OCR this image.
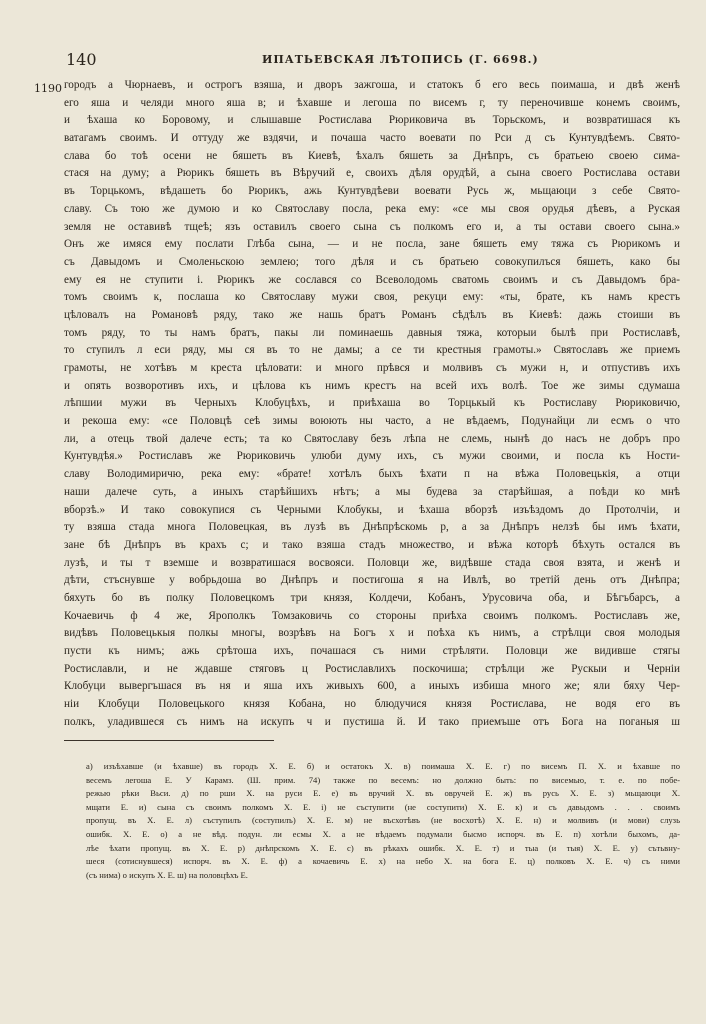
140	ИПАТЬЕВСКАЯ ЛѢТОПИСЬ (Г. 6698.)
1190 городъ а Чюрнаевъ, и острогъ взяша, и дворъ зажгоша, и статокъ б его весь поимаша, и двѣ женѣ
его яша и челяди много яша в; и ѣхавше и легоша по висемъ г, ту переночивше конемъ своимъ,
и ѣхаша ко Боровому, и слышавше Ростислава Рюриковича въ Торьскомъ, и возвратишася къ
ватагамъ своимъ. И оттуду же вздячи, и почаша часто воевати по Рси д съ Кунтувдѣемъ. Свято-
слава бо тоѣ осени не бяшеть въ Киевѣ, ѣхалъ бяшеть за Днѣпръ, съ братьею своею сима-
стася на думу; а Рюрикъ бяшеть въ Вѣручий е, своихъ дѣля орудѣй, а сына своего Ростислава остави
въ Торцькомъ, вѣдашеть бо Рюрикъ, ажь Кунтувдѣеви воевати Русь ж, мьщаюци з себе Свято-
славу. Съ тою же думою и ко Святославу посла, река ему: «се мы своя орудья дѣевъ, а Руская
земля не оставивѣ тщеѣ; язъ оставилъ своего сына съ полкомъ его и, а ты остави своего сына.»
Онъ же имяся ему послати Глѣба сына, — и не посла, зане бяшеть ему тяжа съ Рюрикомъ и
съ Давыдомъ и Смоленьскою землею; того дѣля и съ братьею совокупилъся бяшеть, како бы
ему ея не ступити і. Рюрикъ же сослався со Всеволодомь сватомь своимъ и съ Давыдомъ бра-
томъ своимъ к, послаша ко Святославу мужи своя, рекуци ему: «ты, брате, къ намъ крестъ
цѣловалъ на Романовѣ ряду, тако же нашь братъ Романъ сѣдѣлъ въ Киевѣ: дажь стоиши въ
томъ ряду, то ты намъ братъ, пакы ли поминаешь давныя тяжа, которыи былѣ при Ростиславѣ,
то ступилъ л еси ряду, мы ся въ то не дамы; а се ти крестныя грамоты.» Святославъ же приемъ
грамоты, не хотѣвъ м креста цѣловати: и много прѣвся и молвивъ съ мужи н, и отпустивъ ихъ
и опять возворотивъ ихъ, и цѣлова къ нимъ крестъ на всей ихъ волѣ. Тое же зимы сдумаша
лѣпшии мужи въ Черныхъ Клобуцѣхъ, и приѣхаша во Торцькый къ Ростиславу Рюриковичю,
и рекоша ему: «се Половцѣ сеѣ зимы воюють ны часто, а не вѣдаемъ, Подунайци ли есмъ о что
ли, а отець твой далече есть; та ко Святославу безъ лѣпа не слемь, нынѣ до насъ не добръ про
Кунтувдѣя.» Ростиславъ же Рюриковичь улюби думу ихъ, съ мужи своими, и посла къ Ности-
славу Володимиричю, река ему: «брате! хотѣлъ быхъ ѣхати п на вѣжа Половецькія, а отци
наши далече суть, а иныхъ старѣйшихъ нѣтъ; а мы будева за старѣйшая, а поѣди ко мнѣ
вборзѣ.» И тако совокупися съ Черными Клобукы, и ѣхаша вборзѣ изъѣздомъ до Протолчіи, и
ту взяша стада многа Половецкая, въ лузѣ въ Днѣпрѣскомь р, а за Днѣпръ нелзѣ бы имъ ѣхати,
зане бѣ Днѣпръ въ крахъ с; и тако взяша стадъ множество, и вѣжа которѣ бѣхуть остался въ
лузѣ, и ты т вземше и возвратишася восвояси. Половци же, видѣвше стада своя взята, и женѣ и
дѣти, стъснувше у вобрьдоша во Днѣпръ и постигоша я на Ивлѣ, во третій день отъ Днѣпра;
бяхуть бо въ полку Половецкомъ три князя, Колдечи, Кобанъ, Урусовича оба, и Бѣгъбарсъ, а
Кочаевичь ф 4 же, Ярополкъ Томзаковичь со стороны приѣха своимъ полкомъ. Ростиславъ же,
видѣвъ Половецькыя полкы многы, возрѣвъ на Богъ х и поѣха къ нимъ, а стрѣлци своя молодыя
пусти къ нимъ; ажь срѣтоша ихъ, почашася съ ними стрѣляти. Половци же видивше стягы
Ростиславли, и не ждавше стяговъ ц Ростиславлихъ поскочиша; стрѣлци же Рускыи и Черніи
Клобуци вывергъшася въ ня и яша ихъ живыхъ 600, а иныхъ избиша много же; яли бяху Чер-
ніи Клобуци Половецького князя Кобана, но блюдучися князя Ростислава, не водя его въ
полкъ, уладившеся съ нимъ на искупъ ч и пустиша й. И тако приемъше отъ Бога на поганыя ш
а) изъѣхавше (и ѣхавше) въ городъ Х. Е. б) и остатокъ Х. в) поимаша Х. Е. г) по висемъ П. Х. и ѣхавше по
весемъ легоша Е. У Карамз. (Ш. прим. 74) также по весемъ: но должно быть: по висемью, т. е. по побе-
режью рѣки Вьси. д) по рши Х. на руси Е. е) въ вручий Х. въ овручей Е. ж) въ русь Х. Е. з) мьщаюци Х.
мщати Е. и) сына съ своимъ полкомъ Х. Е. і) не съступити (не соступити) Х. Е. к) и съ давыдомъ . . . своимъ
пропущ. въ Х. Е. л) съступилъ (соступилъ) Х. Е. м) не въсхотѣвъ (не восхотѣ) Х. Е. н) и молвивъ (и мови) слузь
ошибк. Х. Е. о) а не вѣд. подун. ли есмы Х. а не вѣдаемъ подумали бысмо испорч. въ Е. п) хотѣли быхомъ, да-
лѣе ѣхати пропущ. въ Х. Е. р) днѣпрскомъ Х. Е. с) въ рѣкахъ ошибк. Х. Е. т) и тыа (и тыя) Х. Е. у) сътьвну-
шеся (сотиснувшеся) испорч. въ Х. Е. ф) а кочаевичь Е. х) на небо Х. на бога Е. ц) полковъ Х. Е. ч) съ ними
(съ нима) о искупъ Х. Е. ш) на половцѣхъ Е.
